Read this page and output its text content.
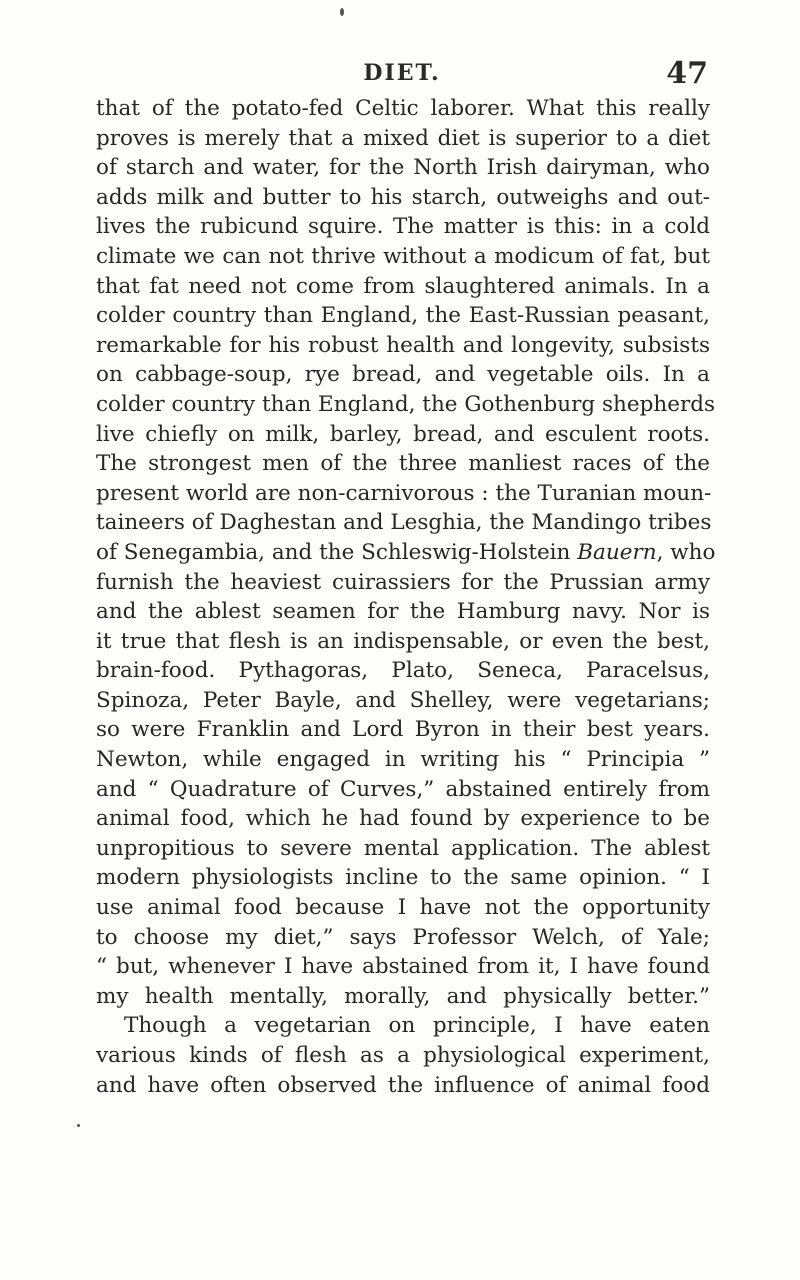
DIET.	47
that of the potato-fed Celtic laborer. What this really
proves is merely that a mixed diet is superior to a diet
of starch and water, for the North Irish dairyman, who
adds milk and butter to his starch, outweighs and out-
lives the rubicund squire. The matter is this: in a cold
climate we can not thrive without a modicum of fat, but
that fat need not come from slaughtered animals. In a
colder country than England, the East-Russian peasant,
remarkable for his robust health and longevity, subsists
on cabbage-soup, rye bread, and vegetable oils. In a
colder country than England, the Gothenburg shepherds
live chiefly on milk, barley, bread, and esculent roots.
The strongest men of the three manliest races of the
present world are non-carnivorous : the Turanian moun-
taineers of Daghestan and Lesghia, the Mandingo tribes
of Senegambia, and the Schleswig-Holstein Bauern, who
furnish the heaviest cuirassiers for the Prussian army
and the ablest seamen for the Hamburg navy. Nor is
it true that flesh is an indispensable, or even the best,
brain-food. Pythagoras, Plato, Seneca, Paracelsus,
Spinoza, Peter Bayle, and Shelley, were vegetarians;
so were Franklin and Lord Byron in their best years.
Newton, while engaged in writing his “ Principia ”
and “ Quadrature of Curves,” abstained entirely from
animal food, which he had found by experience to be
unpropitious to severe mental application. The ablest
modern physiologists incline to the same opinion. “ I
use animal food because I have not the opportunity
to choose my diet,” says Professor Welch, of Yale;
“ but, whenever I have abstained from it, I have found
my health mentally, morally, and physically better.”
Though a vegetarian on principle, I have eaten
various kinds of flesh as a physiological experiment,
and have often observed the influence of animal food
